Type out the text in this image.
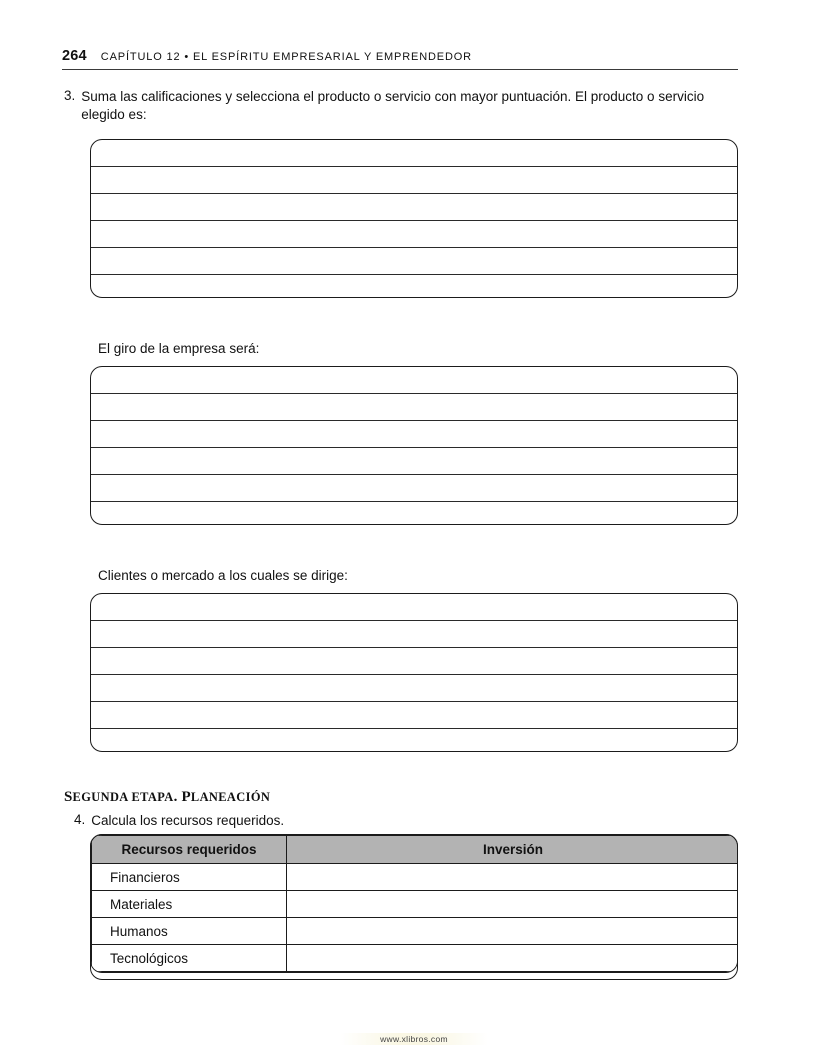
264 CAPÍTULO 12 • EL ESPÍRITU EMPRESARIAL Y EMPRENDEDOR
3. Suma las calificaciones y selecciona el producto o servicio con mayor puntuación. El producto o servicio elegido es:
El giro de la empresa será:
Clientes o mercado a los cuales se dirige:
SEGUNDA ETAPA. PLANEACIÓN
4. Calcula los recursos requeridos.
Recursos requeridos	Inversión
Financieros	
Materiales	
Humanos	
Tecnológicos	
www.xlibros.com
